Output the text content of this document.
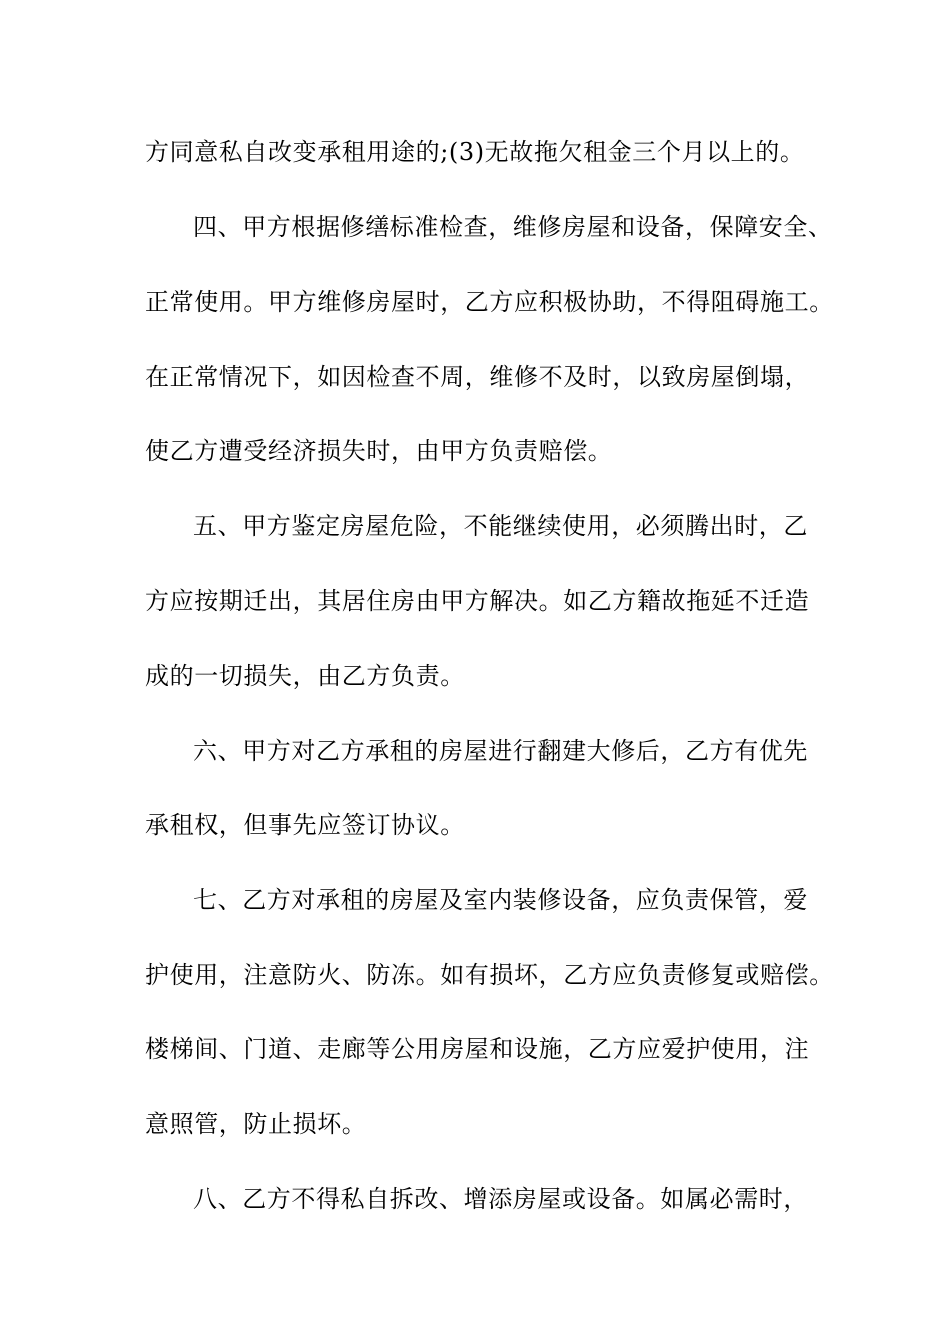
方同意私自改变承租用途的;(3)无故拖欠租金三个月以上的。
四、甲方根据修缮标准检查，维修房屋和设备，保障安全、
正常使用。甲方维修房屋时，乙方应积极协助，不得阻碍施工。
在正常情况下，如因检查不周，维修不及时，以致房屋倒塌，
使乙方遭受经济损失时，由甲方负责赔偿。
五、甲方鉴定房屋危险，不能继续使用，必须腾出时，乙
方应按期迁出，其居住房由甲方解决。如乙方籍故拖延不迁造
成的一切损失，由乙方负责。
六、甲方对乙方承租的房屋进行翻建大修后，乙方有优先
承租权，但事先应签订协议。
七、乙方对承租的房屋及室内装修设备，应负责保管，爱
护使用，注意防火、防冻。如有损坏，乙方应负责修复或赔偿。
楼梯间、门道、走廊等公用房屋和设施，乙方应爱护使用，注
意照管，防止损坏。
八、乙方不得私自拆改、增添房屋或设备。如属必需时，
